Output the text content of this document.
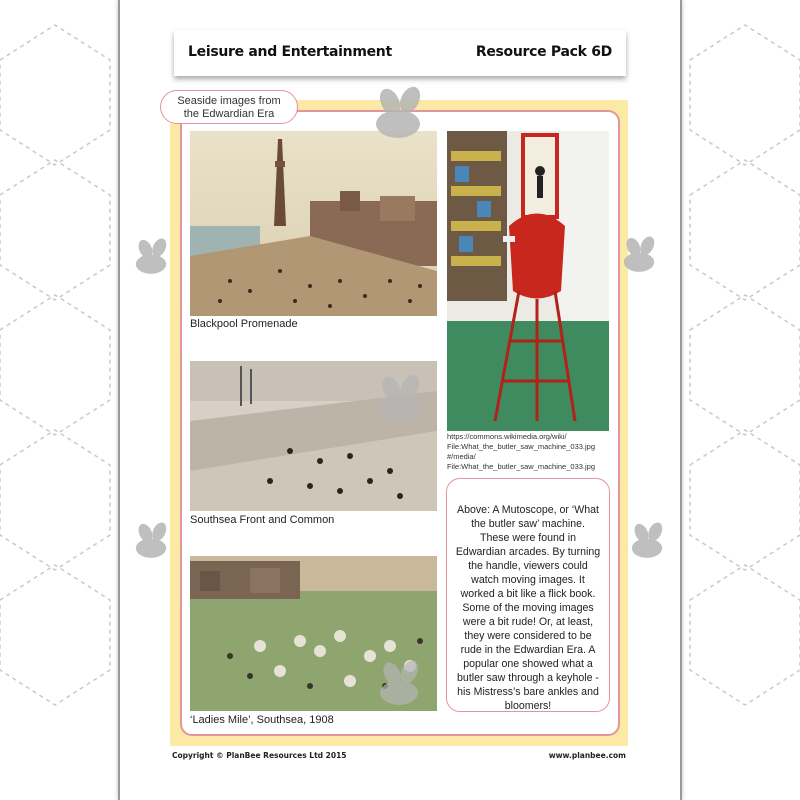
Leisure and Entertainment	Resource Pack 6D
Seaside images from
the Edwardian Era
Blackpool Promenade
Southsea Front and Common
‘Ladies Mile’, Southsea, 1908
https://commons.wikimedia.org/wiki/
File:What_the_butler_saw_machine_033.jpg
#/media/
File:What_the_butler_saw_machine_033.jpg
Above: A Mutoscope, or ‘What the butler saw’ machine. These were found in Edwardian arcades. By turning the handle, viewers could watch moving images. It worked a bit like a flick book. Some of the moving images were a bit rude! Or, at least, they were considered to be rude in the Edwardian Era. A popular one showed what a butler saw through a keyhole - his Mistress’s bare ankles and bloomers!
Copyright © PlanBee Resources Ltd 2015	www.planbee.com
